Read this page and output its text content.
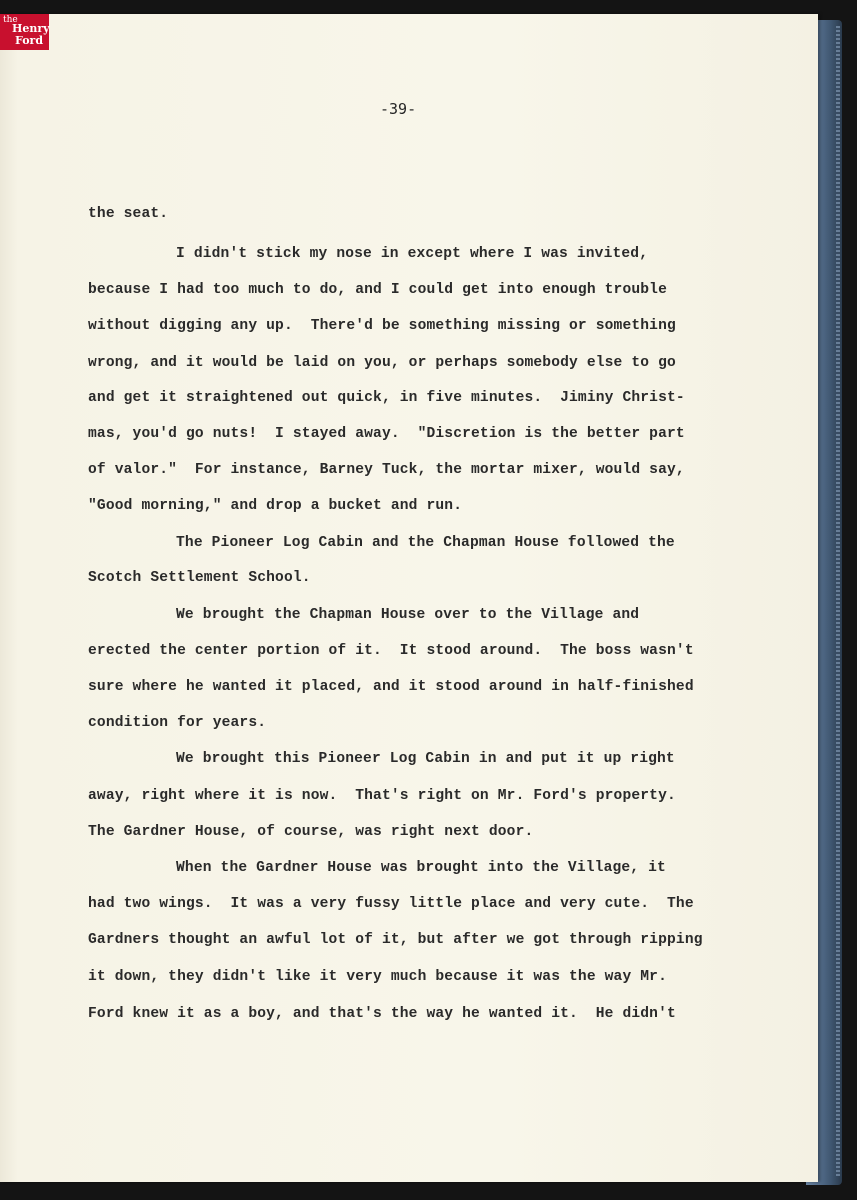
the
Henry
Ford
-39-
the seat.
I didn't stick my nose in except where I was invited,
because I had too much to do, and I could get into enough trouble
without digging any up.  There'd be something missing or something
wrong, and it would be laid on you, or perhaps somebody else to go
and get it straightened out quick, in five minutes.  Jiminy Christ-
mas, you'd go nuts!  I stayed away.  "Discretion is the better part
of valor."  For instance, Barney Tuck, the mortar mixer, would say,
"Good morning," and drop a bucket and run.
The Pioneer Log Cabin and the Chapman House followed the
Scotch Settlement School.
We brought the Chapman House over to the Village and
erected the center portion of it.  It stood around.  The boss wasn't
sure where he wanted it placed, and it stood around in half-finished
condition for years.
We brought this Pioneer Log Cabin in and put it up right
away, right where it is now.  That's right on Mr. Ford's property.
The Gardner House, of course, was right next door.
When the Gardner House was brought into the Village, it
had two wings.  It was a very fussy little place and very cute.  The
Gardners thought an awful lot of it, but after we got through ripping
it down, they didn't like it very much because it was the way Mr.
Ford knew it as a boy, and that's the way he wanted it.  He didn't
